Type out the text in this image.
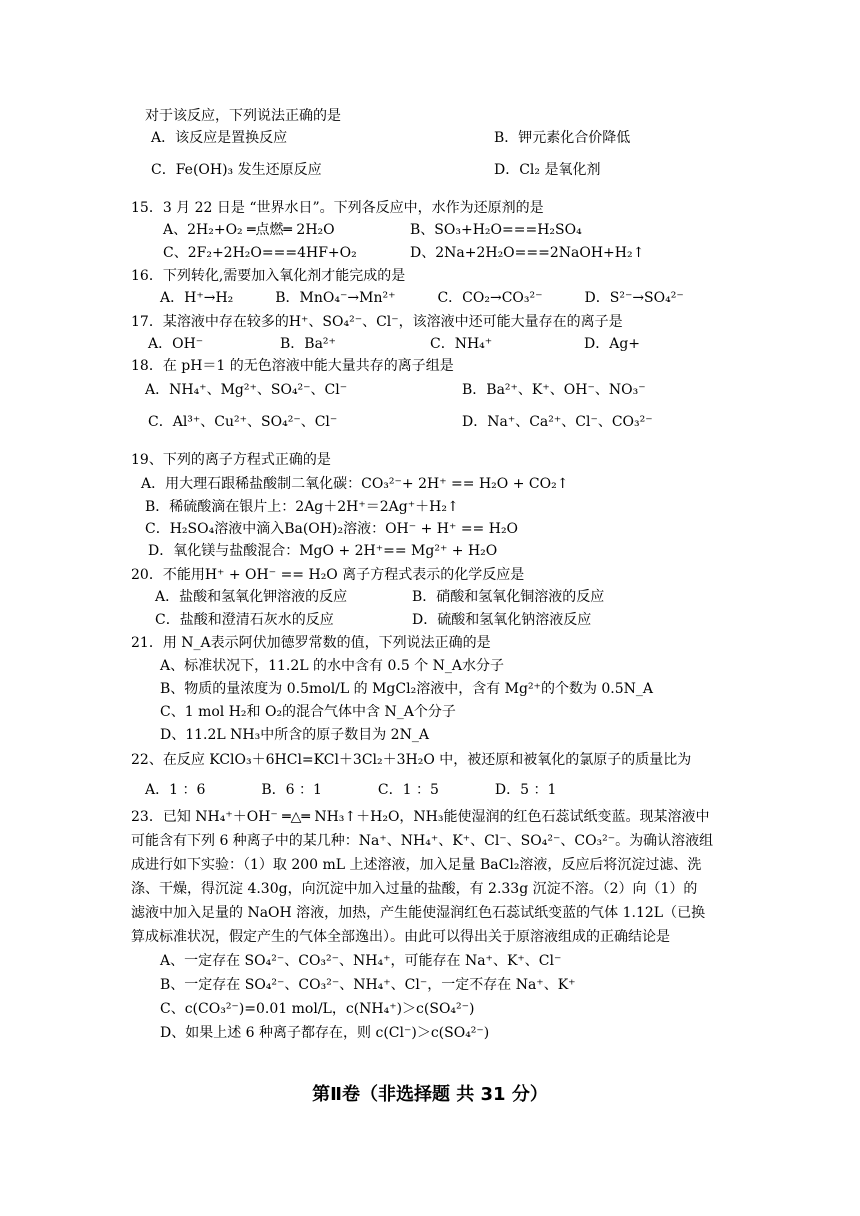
对于该反应，下列说法正确的是
A．该反应是置换反应	B．钾元素化合价降低
C．Fe(OH)₃ 发生还原反应	D．Cl₂ 是氧化剂
15．3 月 22 日是 “世界水日”。下列各反应中，水作为还原剂的是
A、2H₂+O₂ ═点燃═ 2H₂O	B、SO₃+H₂O===H₂SO₄
C、2F₂+2H₂O===4HF+O₂	D、2Na+2H₂O===2NaOH+H₂↑
16．下列转化,需要加入氧化剂才能完成的是
A．H⁺→H₂　　　B．MnO₄⁻→Mn²⁺　　　C．CO₂→CO₃²⁻　　　D．S²⁻→SO₄²⁻
17．某溶液中存在较多的H⁺、SO₄²⁻、Cl⁻，该溶液中还可能大量存在的离子是
A．OH⁻	B．Ba²⁺	C．NH₄⁺	D．Ag+
18．在 pH＝1 的无色溶液中能大量共存的离子组是
A．NH₄⁺、Mg²⁺、SO₄²⁻、Cl⁻	B．Ba²⁺、K⁺、OH⁻、NO₃⁻
C．Al³⁺、Cu²⁺、SO₄²⁻、Cl⁻	D．Na⁺、Ca²⁺、Cl⁻、CO₃²⁻
19、下列的离子方程式正确的是
A．用大理石跟稀盐酸制二氧化碳：CO₃²⁻+ 2H⁺ == H₂O + CO₂↑
B．稀硫酸滴在银片上：2Ag＋2H⁺＝2Ag⁺＋H₂↑
C．H₂SO₄溶液中滴入Ba(OH)₂溶液：OH⁻ + H⁺ == H₂O
D．氧化镁与盐酸混合：MgO + 2H⁺== Mg²⁺ + H₂O
20．不能用H⁺ + OH⁻ == H₂O 离子方程式表示的化学反应是
A．盐酸和氢氧化钾溶液的反应	B．硝酸和氢氧化铜溶液的反应
C．盐酸和澄清石灰水的反应	D．硫酸和氢氧化钠溶液反应
21．用 N_A表示阿伏加德罗常数的值，下列说法正确的是
A、标准状况下，11.2L 的水中含有 0.5 个 N_A水分子
B、物质的量浓度为 0.5mol/L 的 MgCl₂溶液中，含有 Mg²⁺的个数为 0.5N_A
C、1 mol H₂和 O₂的混合气体中含 N_A个分子
D、11.2L NH₃中所含的原子数目为 2N_A
22、在反应 KClO₃＋6HCl=KCl＋3Cl₂＋3H₂O 中，被还原和被氧化的氯原子的质量比为
A．1 ：6　　　　B．6 ：1　　　　C．1 ：5　　　　D．5 ：1
23．已知 NH₄⁺＋OH⁻ ═△═ NH₃↑＋H₂O，NH₃能使湿润的红色石蕊试纸变蓝。现某溶液中
可能含有下列 6 种离子中的某几种：Na⁺、NH₄⁺、K⁺、Cl⁻、SO₄²⁻、CO₃²⁻。为确认溶液组
成进行如下实验：（1）取 200 mL 上述溶液，加入足量 BaCl₂溶液，反应后将沉淀过滤、洗
涤、干燥，得沉淀 4.30g，向沉淀中加入过量的盐酸，有 2.33g 沉淀不溶。（2）向（1）的
滤液中加入足量的 NaOH 溶液，加热，产生能使湿润红色石蕊试纸变蓝的气体 1.12L（已换
算成标准状况，假定产生的气体全部逸出）。由此可以得出关于原溶液组成的正确结论是
A、一定存在 SO₄²⁻、CO₃²⁻、NH₄⁺，可能存在 Na⁺、K⁺、Cl⁻
B、一定存在 SO₄²⁻、CO₃²⁻、NH₄⁺、Cl⁻，一定不存在 Na⁺、K⁺
C、c(CO₃²⁻)=0.01 mol/L，c(NH₄⁺)＞c(SO₄²⁻)
D、如果上述 6 种离子都存在，则 c(Cl⁻)＞c(SO₄²⁻)
第Ⅱ卷（非选择题 共 31 分）
